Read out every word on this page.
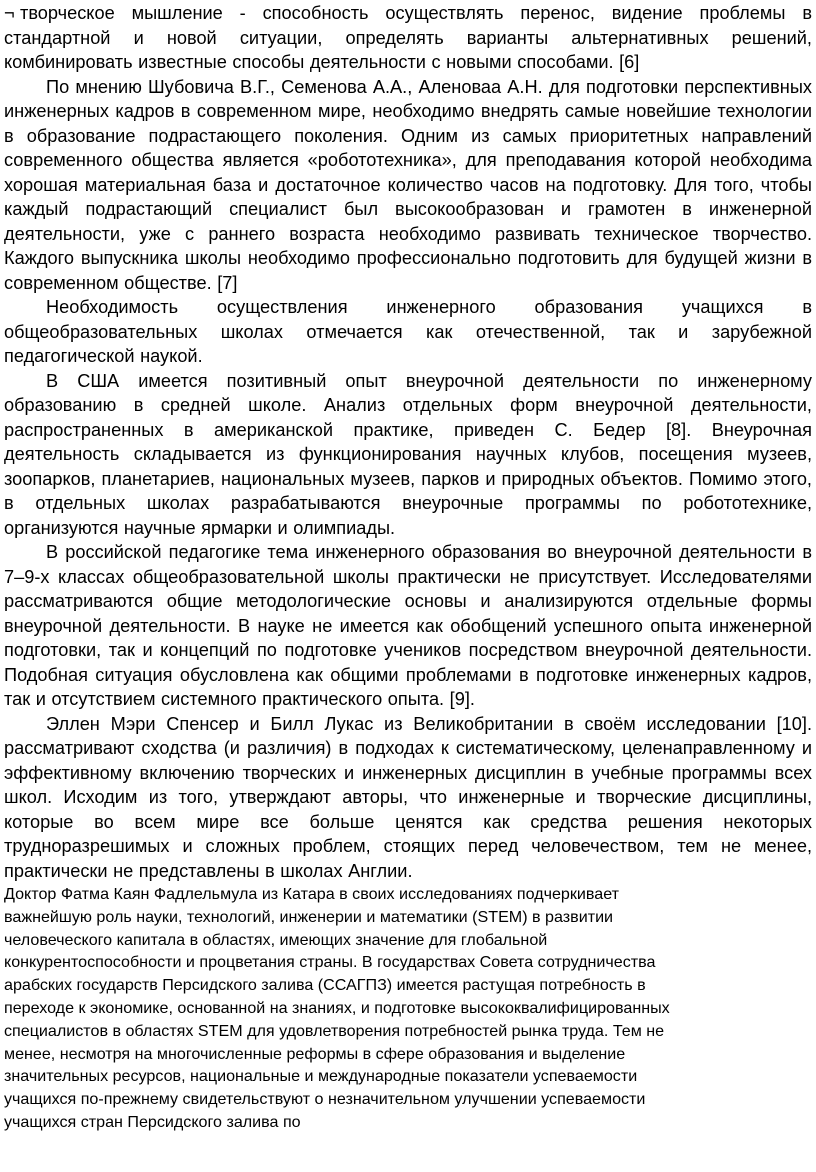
¬ творческое мышление - способность осуществлять перенос, видение проблемы в стандартной и новой ситуации, определять варианты альтернативных решений, комбинировать известные способы деятельности с новыми способами. [6]

По мнению Шубовича В.Г., Семенова А.А., Аленоваа А.Н. для подготовки перспективных инженерных кадров в современном мире, необходимо внедрять самые новейшие технологии в образование подрастающего поколения. Одним из самых приоритетных направлений современного общества является «робототехника», для преподавания которой необходима хорошая материальная база и достаточное количество часов на подготовку. Для того, чтобы каждый подрастающий специалист был высокообразован и грамотен в инженерной деятельности, уже с раннего возраста необходимо развивать техническое творчество. Каждого выпускника школы необходимо профессионально подготовить для будущей жизни в современном обществе. [7]

Необходимость осуществления инженерного образования учащихся в общеобразовательных школах отмечается как отечественной, так и зарубежной педагогической наукой.

В США имеется позитивный опыт внеурочной деятельности по инженерному образованию в средней школе. Анализ отдельных форм внеурочной деятельности, распространенных в американской практике, приведен С. Бедер [8]. Внеурочная деятельность складывается из функционирования научных клубов, посещения музеев, зоопарков, планетариев, национальных музеев, парков и природных объектов. Помимо этого, в отдельных школах разрабатываются внеурочные программы по робототехнике, организуются научные ярмарки и олимпиады.

В российской педагогике тема инженерного образования во внеурочной деятельности в 7–9-х классах общеобразовательной школы практически не присутствует. Исследователями рассматриваются общие методологические основы и анализируются отдельные формы внеурочной деятельности. В науке не имеется как обобщений успешного опыта инженерной подготовки, так и концепций по подготовке учеников посредством внеурочной деятельности. Подобная ситуация обусловлена как общими проблемами в подготовке инженерных кадров, так и отсутствием системного практического опыта. [9].

Эллен Мэри Спенсер и Билл Лукас из Великобритании в своём исследовании [10]. рассматривают сходства (и различия) в подходах к систематическому, целенаправленному и эффективному включению творческих и инженерных дисциплин в учебные программы всех школ. Исходим из того, утверждают авторы, что инженерные и творческие дисциплины, которые во всем мире все больше ценятся как средства решения некоторых трудноразрешимых и сложных проблем, стоящих перед человечеством, тем не менее, практически не представлены в школах Англии.

Доктор Фатма Каян Фадлельмула из Катара в своих исследованиях подчеркивает

важнейшую роль науки, технологий, инженерии и математики (STEM) в развитии

человеческого капитала в областях, имеющих значение для глобальной

конкурентоспособности и процветания страны. В государствах Совета сотрудничества

арабских государств Персидского залива (ССАГПЗ) имеется растущая потребность в

переходе к экономике, основанной на знаниях, и подготовке высококвалифицированных

специалистов в областях STEM для удовлетворения потребностей рынка труда. Тем не

менее, несмотря на многочисленные реформы в сфере образования и выделение

значительных ресурсов, национальные и международные показатели успеваемости

учащихся по-прежнему свидетельствуют о незначительном улучшении успеваемости

учащихся стран Персидского залива по
